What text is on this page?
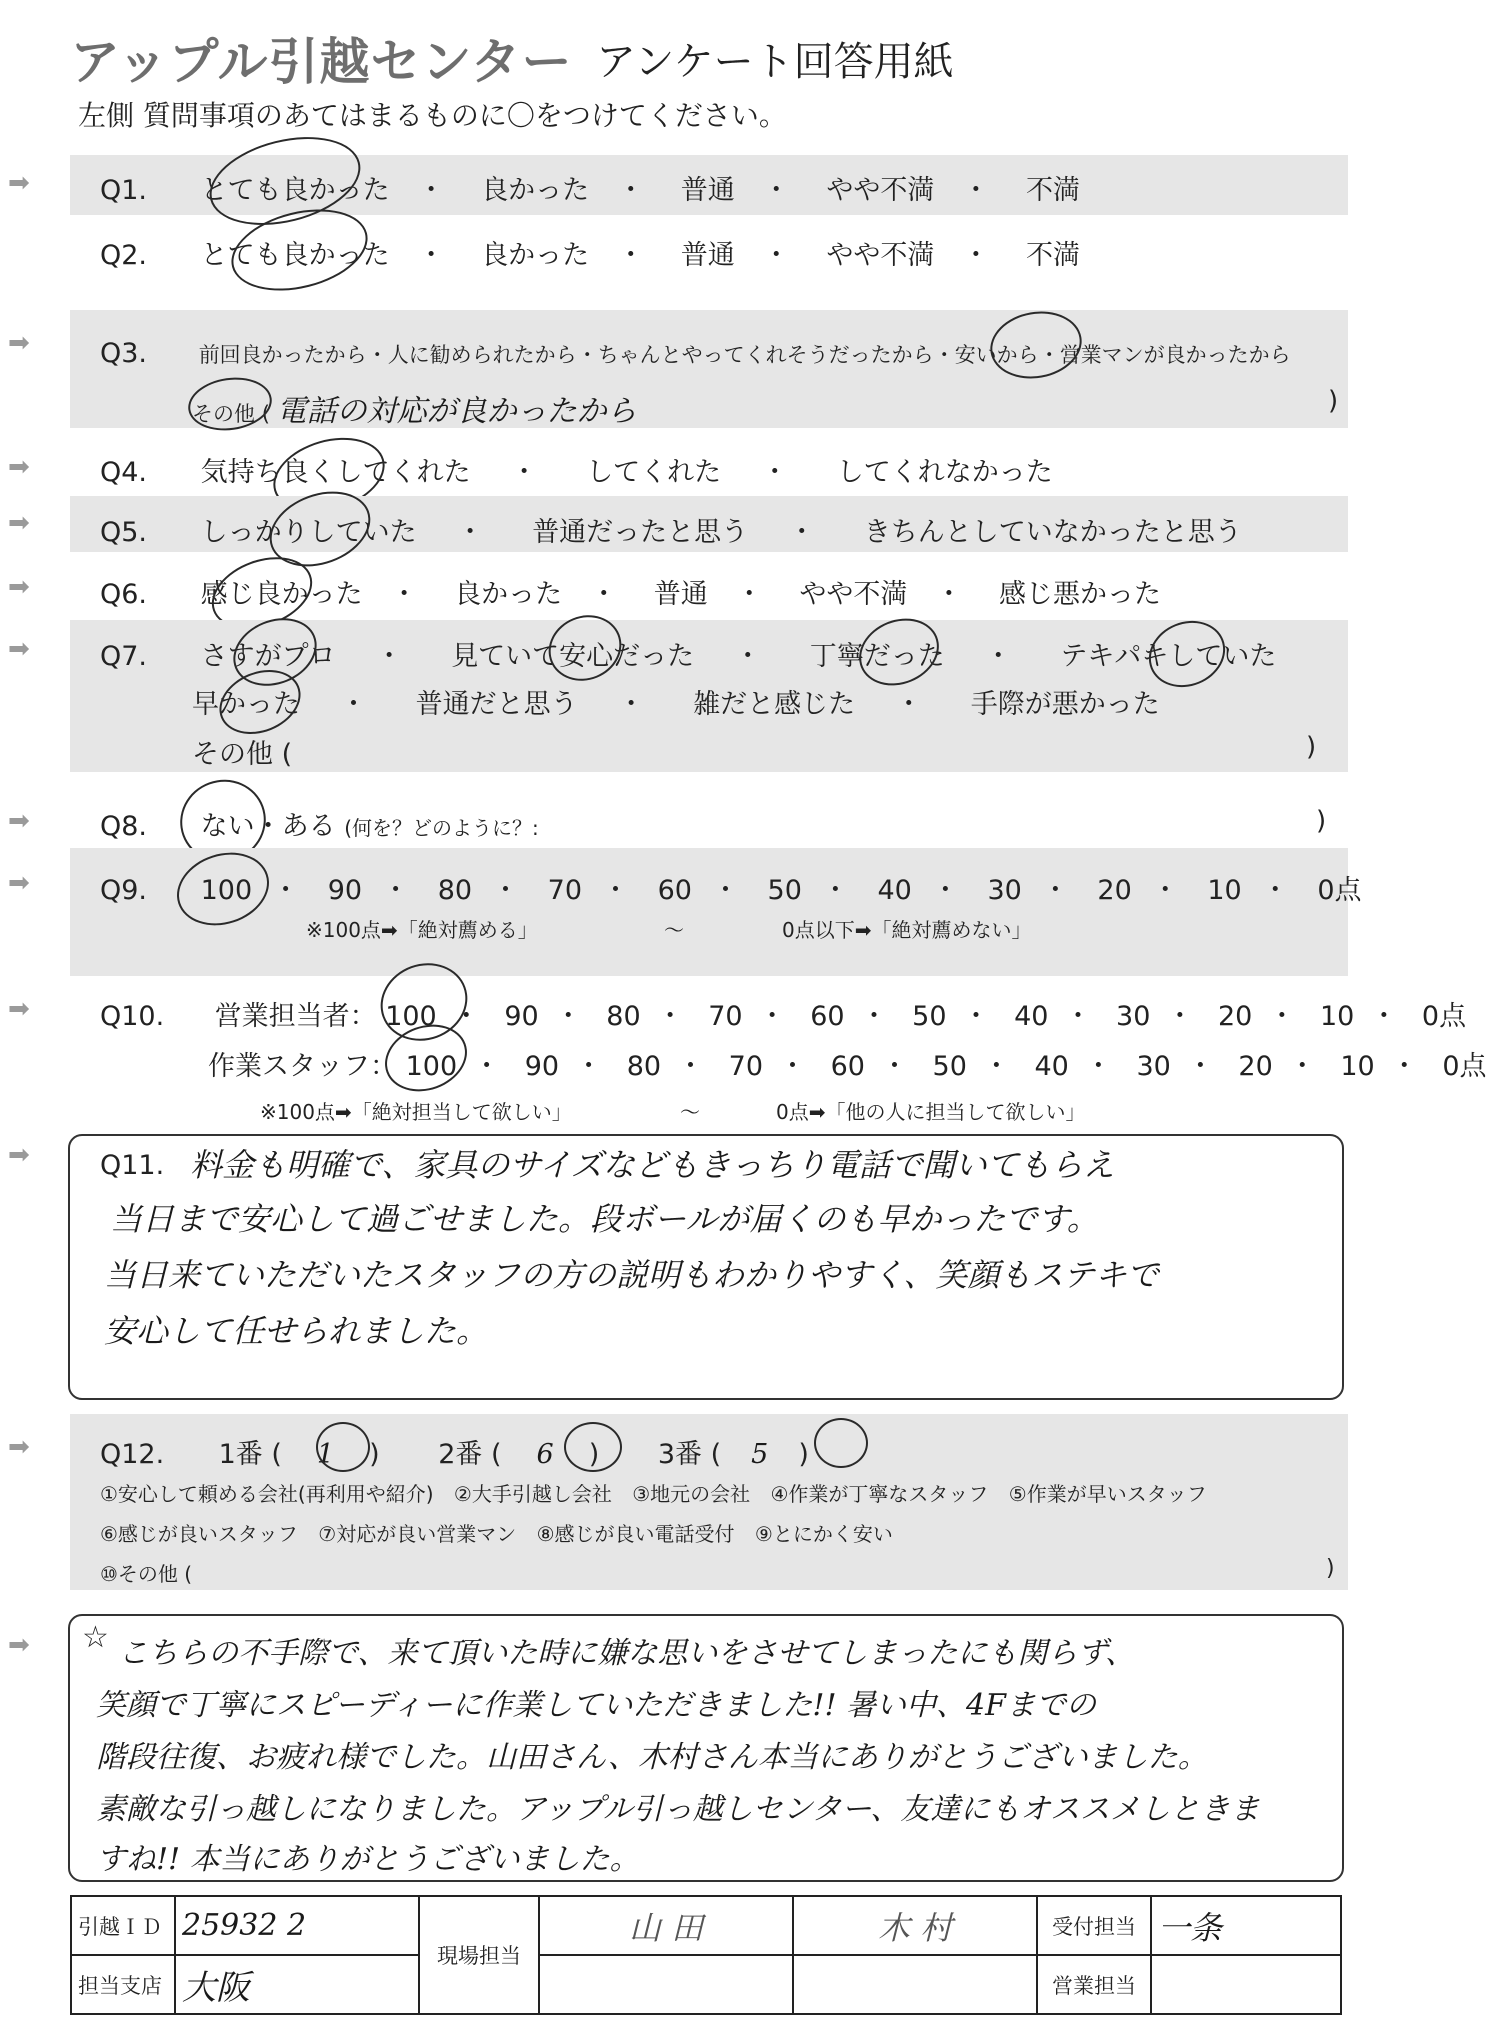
アップル引越センター アンケート回答用紙
左側 質問事項のあてはまるものに〇をつけてください。
➡	Q1. とても良かった ・ 良かった ・ 普通 ・ やや不満 ・ 不満
Q2. とても良かった ・ 良かった ・ 普通 ・ やや不満 ・ 不満
➡	Q3. 前回良かったから・人に勧められたから・ちゃんとやってくれそうだったから・安いから・営業マンが良かったから
その他 ( 電話の対応が良かったから	)
➡	Q4. 気持ち良くしてくれた ・ してくれた ・ してくれなかった
➡	Q5. しっかりしていた ・ 普通だったと思う ・ きちんとしていなかったと思う
➡	Q6. 感じ良かった ・ 良かった ・ 普通 ・ やや不満 ・ 感じ悪かった
➡	Q7. さすがプロ ・ 見ていて安心だった ・ 丁寧だった ・ テキパキしていた
早かった ・ 普通だと思う ・ 雑だと感じた ・ 手際が悪かった
その他 (	)
➡	Q8. ない・ある (何を？どのように？:	)
➡	Q9. 100 ・ 90 ・ 80 ・ 70 ・ 60 ・ 50 ・ 40 ・ 30 ・ 20 ・ 10 ・ 0点
※100点➡「絶対薦める」	〜	0点以下➡「絶対薦めない」
➡	Q10. 営業担当者： 100 ・ 90 ・ 80 ・ 70 ・ 60 ・ 50 ・ 40 ・ 30 ・ 20 ・ 10 ・ 0点
作業スタッフ： 100 ・ 90 ・ 80 ・ 70 ・ 60 ・ 50 ・ 40 ・ 30 ・ 20 ・ 10 ・ 0点
※100点➡「絶対担当して欲しい」	〜	0点➡「他の人に担当して欲しい」
➡	Q11. 料金も明確で、家具のサイズなどもきっちり電話で聞いてもらえ
当日まで安心して過ごせました。段ボールが届くのも早かったです。
当日来ていただいたスタッフの方の説明もわかりやすく、笑顔もステキで
安心して任せられました。
➡	Q12. 1番 ( 1 ) 2番 ( 6 ) 3番 ( 5 )
①安心して頼める会社(再利用や紹介) ②大手引越し会社 ③地元の会社 ④作業が丁寧なスタッフ ⑤作業が早いスタッフ
⑥感じが良いスタッフ ⑦対応が良い営業マン ⑧感じが良い電話受付 ⑨とにかく安い
⑩その他 (	)
➡ ☆ こちらの不手際で、来て頂いた時に嫌な思いをさせてしまったにも関らず、
笑顔で丁寧にスピーディーに作業していただきました!! 暑い中、4Fまでの
階段往復、お疲れ様でした。山田さん、木村さん本当にありがとうございました。
素敵な引っ越しになりました。アップル引っ越しセンター、友達にもオススメしときま
すね!! 本当にありがとうございました。
引越ＩＤ	25932 2	現場担当	山 田	木 村	受付担当	一条
担当支店	大阪				営業担当	
